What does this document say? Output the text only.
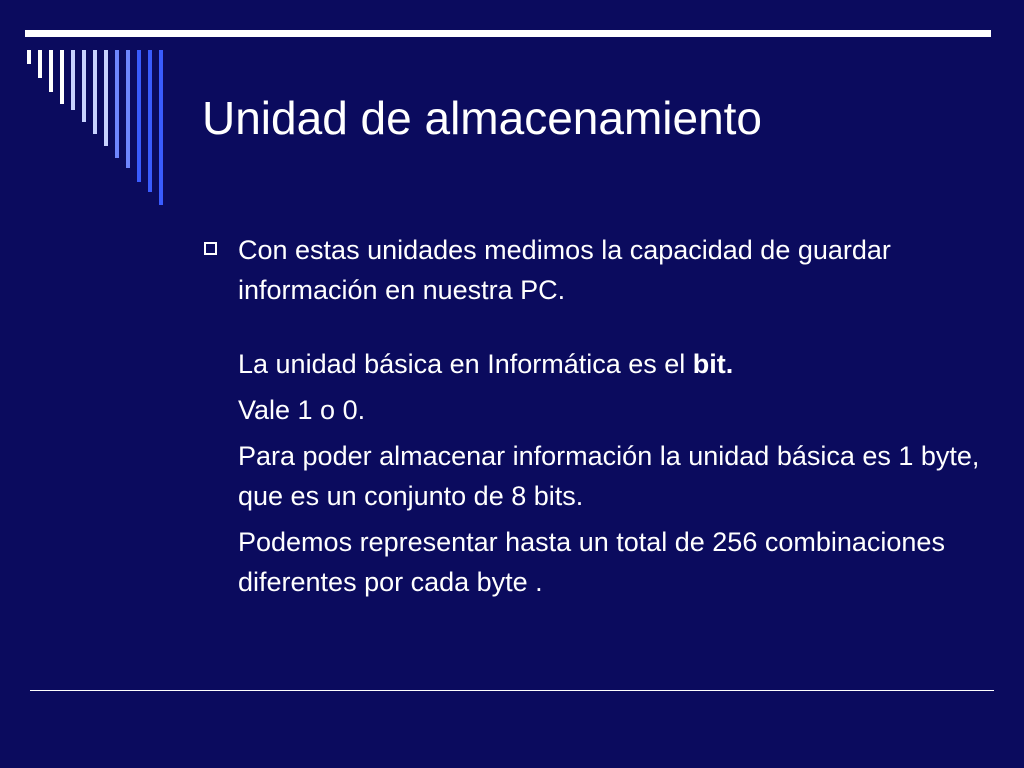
Unidad de almacenamiento

Con estas unidades medimos la capacidad de guardar información en nuestra PC.

La unidad básica en Informática es el bit.

Vale 1 o 0.

Para poder almacenar información la unidad básica es 1 byte, que es un conjunto de 8 bits.

Podemos representar hasta un total de 256 combinaciones diferentes por cada byte .
